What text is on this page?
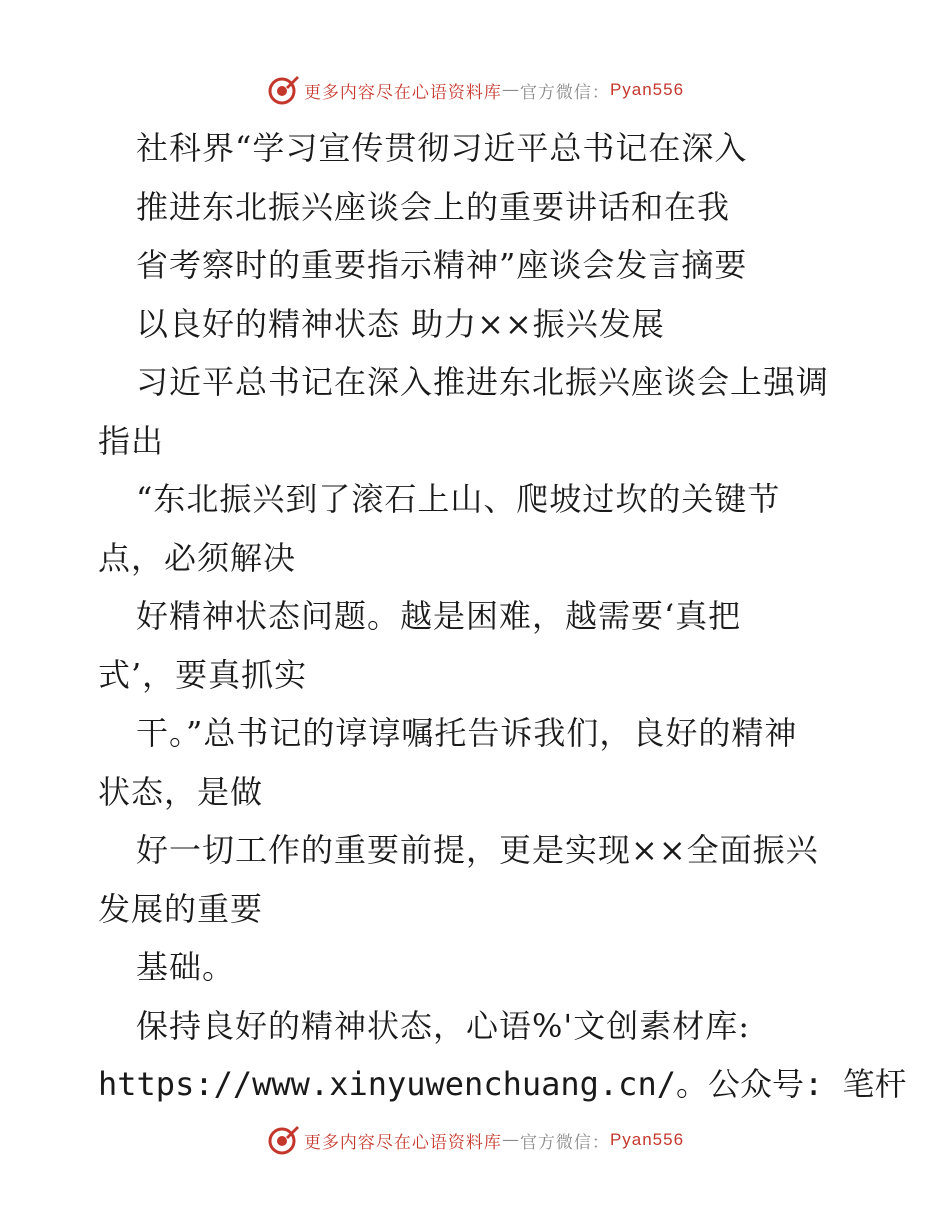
更多内容尽在心语资料库 — 官方微信： Pyan556

社科界“学习宣传贯彻习近平总书记在深入

推进东北振兴座谈会上的重要讲话和在我

省考察时的重要指示精神”座谈会发言摘要

以良好的精神状态 助力××振兴发展

习近平总书记在深入推进东北振兴座谈会上强调

指出

“东北振兴到了滚石上山、爬坡过坎的关键节

点，必须解决

好精神状态问题。越是困难，越需要‘真把

式’，要真抓实

干。”总书记的谆谆嘱托告诉我们，良好的精神

状态，是做

好一切工作的重要前提，更是实现××全面振兴

发展的重要

基础。

保持良好的精神状态，心语%'文创素材库:

https://www.xinyuwenchuang.cn/。公众号: 笔杆

更多内容尽在心语资料库 — 官方微信： Pyan556
